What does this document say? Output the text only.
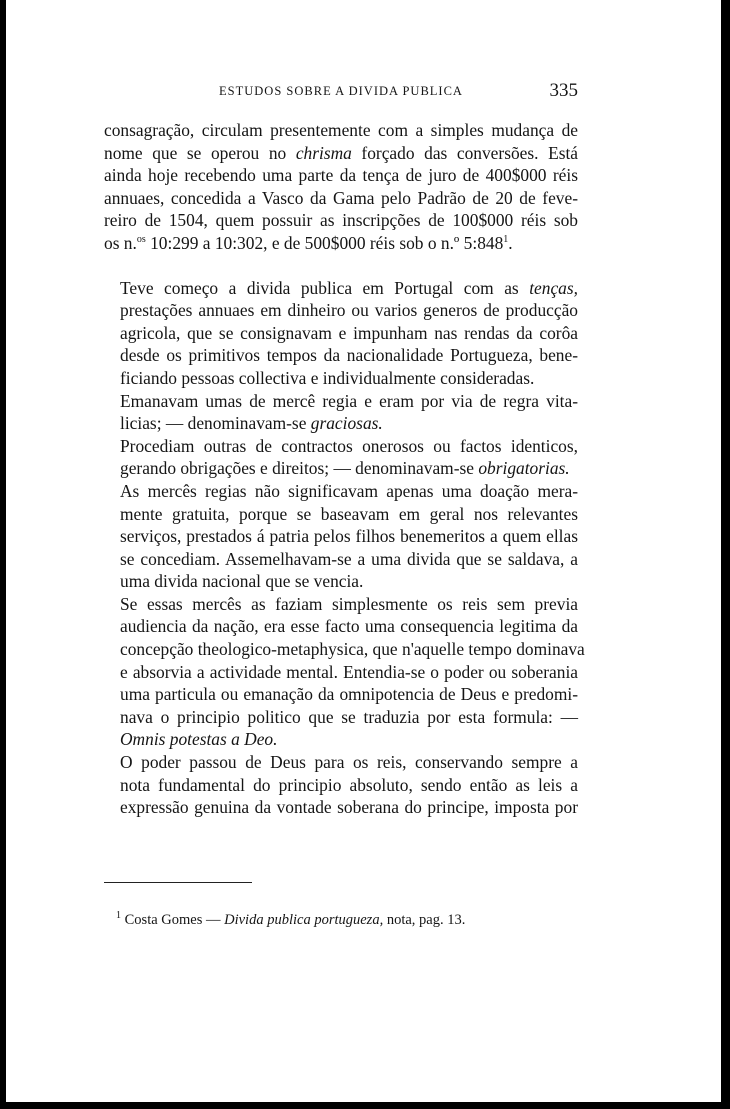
ESTUDOS SOBRE A DIVIDA PUBLICA	335

consagração, circulam presentemente com a simples mudança de
nome que se operou no chrisma forçado das conversões. Está
ainda hoje recebendo uma parte da tença de juro de 400$000 réis
annuaes, concedida a Vasco da Gama pelo Padrão de 20 de feve-
reiro de 1504, quem possuir as inscripções de 100$000 réis sob
os n.$^{os}$ 10:299 a 10:302, e de 500$000 réis sob o n.º $5:848^1$.

Teve começo a divida publica em Portugal com as tenças,
prestações annuaes em dinheiro ou varios generos de producção
agricola, que se consignavam e impunham nas rendas da corôa
desde os primitivos tempos da nacionalidade Portugueza, bene-
ficiando pessoas collectiva e individualmente consideradas.

Emanavam umas de mercê regia e eram por via de regra vita-
licias; — denominavam-se graciosas.

Procediam outras de contractos onerosos ou factos identicos,
gerando obrigações e direitos; — denominavam-se obrigatorias.

As mercês regias não significavam apenas uma doação mera-
mente gratuita, porque se baseavam em geral nos relevantes
serviços, prestados á patria pelos filhos benemeritos a quem ellas
se concediam. Assemelhavam-se a uma divida que se saldava, a
uma divida nacional que se vencia.

Se essas mercês as faziam simplesmente os reis sem previa
audiencia da nação, era esse facto uma consequencia legitima da
concepção theologico-metaphysica, que n'aquelle tempo dominava
e absorvia a actividade mental. Entendia-se o poder ou soberania
uma particula ou emanação da omnipotencia de Deus e predomi-
nava o principio politico que se traduzia por esta formula: —
Omnis potestas a Deo.

O poder passou de Deus para os reis, conservando sempre a
nota fundamental do principio absoluto, sendo então as leis a
expressão genuina da vontade soberana do principe, imposta por

$^1$ Costa Gomes — Divida publica portugueza, nota, pag. 13.
